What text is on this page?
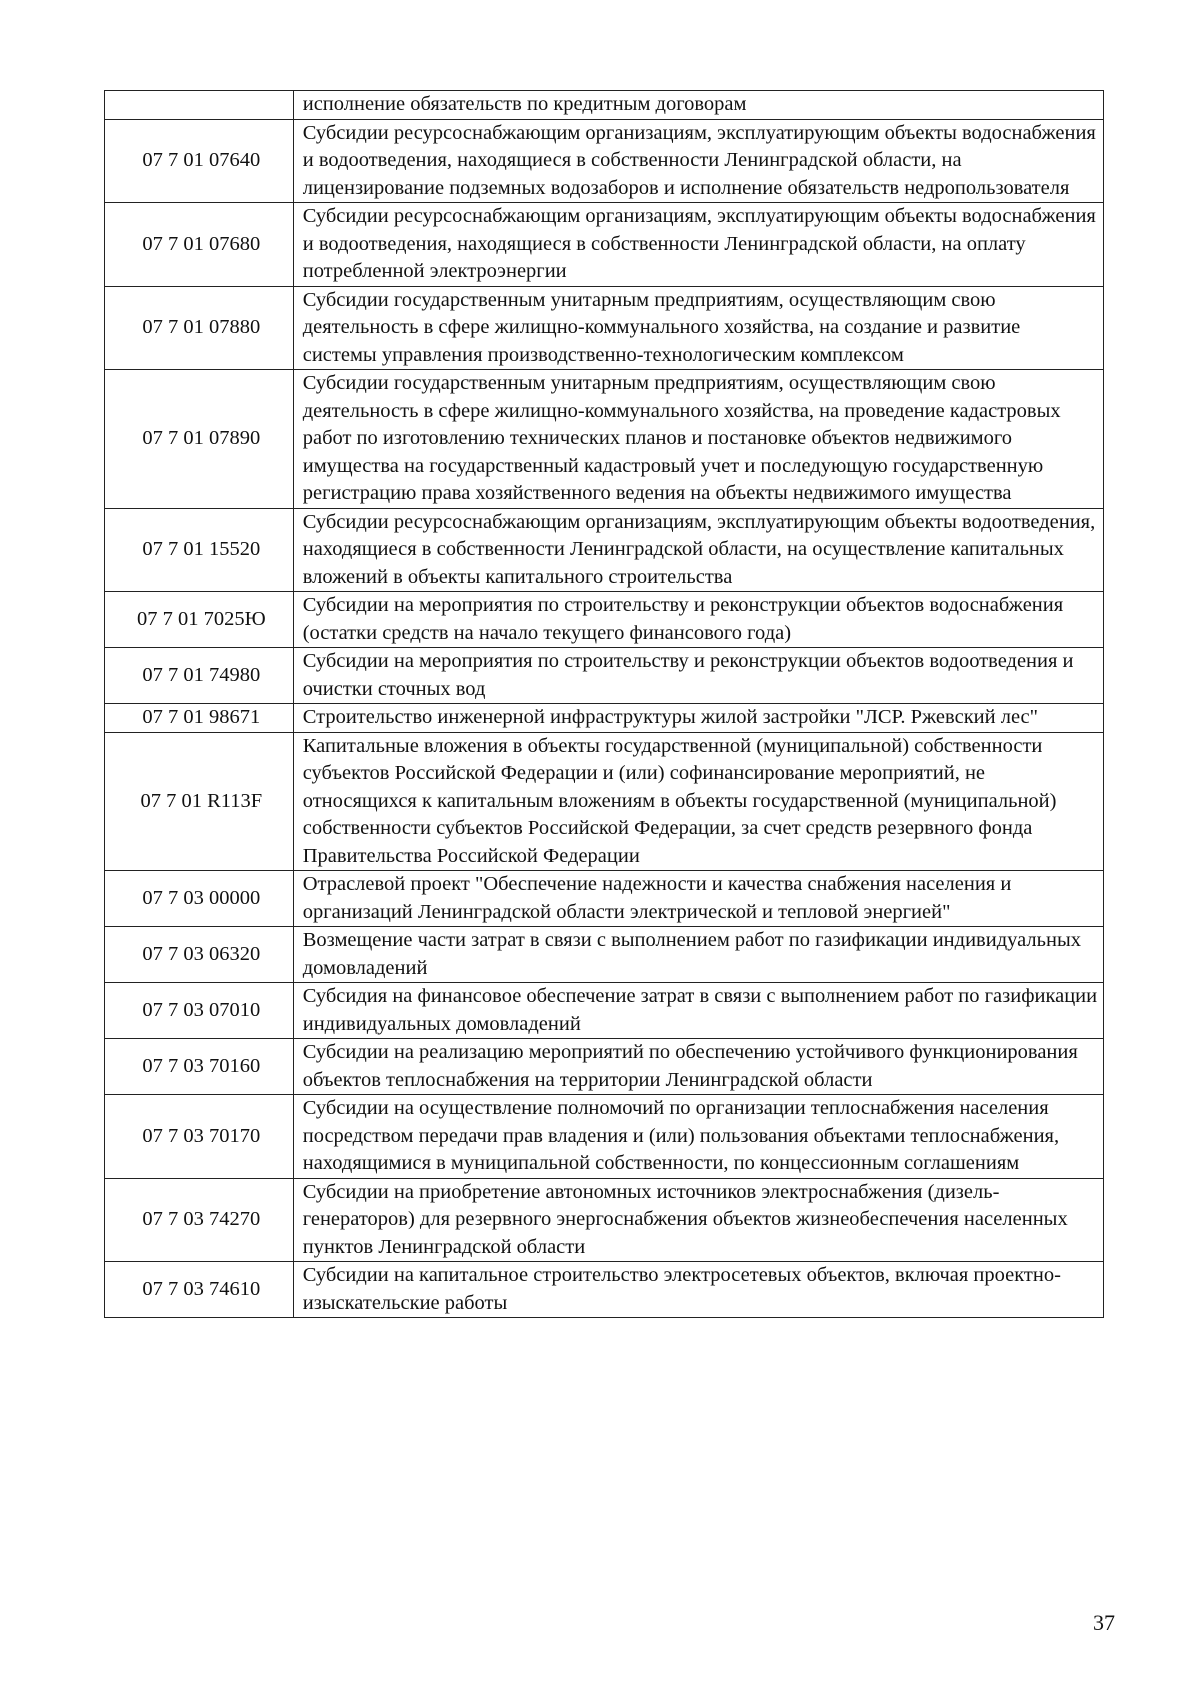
	исполнение обязательств по кредитным договорам
07 7 01 07640	Субсидии ресурсоснабжающим организациям, эксплуатирующим объекты водоснабжения и водоотведения, находящиеся в собственности Ленинградской области, на лицензирование подземных водозаборов и исполнение обязательств недропользователя
07 7 01 07680	Субсидии ресурсоснабжающим организациям, эксплуатирующим объекты водоснабжения и водоотведения, находящиеся в собственности Ленинградской области, на оплату потребленной электроэнергии
07 7 01 07880	Субсидии государственным унитарным предприятиям, осуществляющим свою деятельность в сфере жилищно-коммунального хозяйства, на создание и развитие системы управления производственно-технологическим комплексом
07 7 01 07890	Субсидии государственным унитарным предприятиям, осуществляющим свою деятельность в сфере жилищно-коммунального хозяйства, на проведение кадастровых работ по изготовлению технических планов и постановке объектов недвижимого имущества на государственный кадастровый учет и последующую государственную регистрацию права хозяйственного ведения на объекты недвижимого имущества
07 7 01 15520	Субсидии ресурсоснабжающим организациям, эксплуатирующим объекты водоотведения, находящиеся в собственности Ленинградской области, на осуществление капитальных вложений в объекты капитального строительства
07 7 01 7025Ю	Субсидии на мероприятия по строительству и реконструкции объектов водоснабжения (остатки средств на начало текущего финансового года)
07 7 01 74980	Субсидии на мероприятия по строительству и реконструкции объектов водоотведения и очистки сточных вод
07 7 01 98671	Строительство инженерной инфраструктуры жилой застройки "ЛСР. Ржевский лес"
07 7 01 R113F	Капитальные вложения в объекты государственной (муниципальной) собственности субъектов Российской Федерации и (или) софинансирование мероприятий, не относящихся к капитальным вложениям в объекты государственной (муниципальной) собственности субъектов Российской Федерации, за счет средств резервного фонда Правительства Российской Федерации
07 7 03 00000	Отраслевой проект "Обеспечение надежности и качества снабжения населения и организаций Ленинградской области электрической и тепловой энергией"
07 7 03 06320	Возмещение части затрат в связи с выполнением работ по газификации индивидуальных домовладений
07 7 03 07010	Субсидия на финансовое обеспечение затрат в связи с выполнением работ по газификации индивидуальных домовладений
07 7 03 70160	Субсидии на реализацию мероприятий по обеспечению устойчивого функционирования объектов теплоснабжения на территории Ленинградской области
07 7 03 70170	Субсидии на осуществление полномочий по организации теплоснабжения населения посредством передачи прав владения и (или) пользования объектами теплоснабжения, находящимися в муниципальной собственности, по концессионным соглашениям
07 7 03 74270	Субсидии на приобретение автономных источников электроснабжения (дизель-генераторов) для резервного энергоснабжения объектов жизнеобеспечения населенных пунктов Ленинградской области
07 7 03 74610	Субсидии на капитальное строительство электросетевых объектов, включая проектно-изыскательские работы
37
